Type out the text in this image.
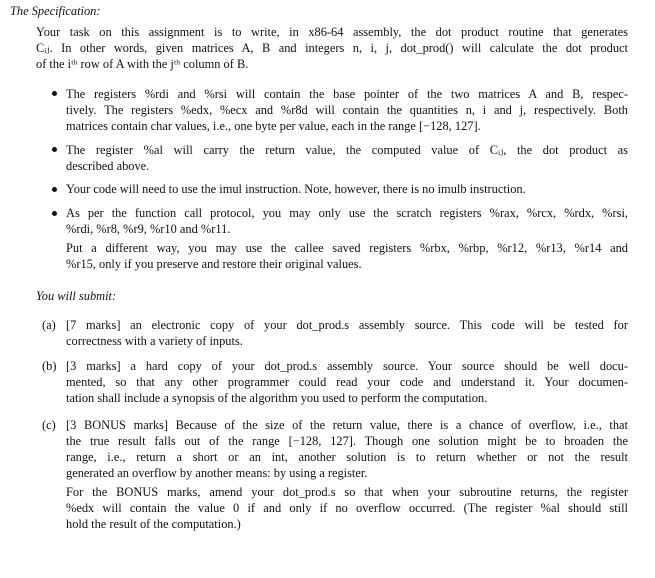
The Specification:
Your task on this assignment is to write, in x86-64 assembly, the dot product routine that generates
Cᵢⱼ. In other words, given matrices A, B and integers n, i, j, dot_prod() will calculate the dot product
of the iᵗʰ row of A with the jᵗʰ column of B.
The registers %rdi and %rsi will contain the base pointer of the two matrices A and B, respec-
tively. The registers %edx, %ecx and %r8d will contain the quantities n, i and j, respectively. Both
matrices contain char values, i.e., one byte per value, each in the range [−128, 127].
The register %al will carry the return value, the computed value of Cᵢⱼ, the dot product as
described above.
Your code will need to use the imul instruction. Note, however, there is no imulb instruction.
As per the function call protocol, you may only use the scratch registers %rax, %rcx, %rdx, %rsi,
%rdi, %r8, %r9, %r10 and %r11.
Put a different way, you may use the callee saved registers %rbx, %rbp, %r12, %r13, %r14 and
%r15, only if you preserve and restore their original values.
You will submit:
(a) [7 marks] an electronic copy of your dot_prod.s assembly source. This code will be tested for
correctness with a variety of inputs.
(b) [3 marks] a hard copy of your dot_prod.s assembly source. Your source should be well docu-
mented, so that any other programmer could read your code and understand it. Your documen-
tation shall include a synopsis of the algorithm you used to perform the computation.
(c) [3 BONUS marks] Because of the size of the return value, there is a chance of overflow, i.e., that
the true result falls out of the range [−128, 127]. Though one solution might be to broaden the
range, i.e., return a short or an int, another solution is to return whether or not the result
generated an overflow by another means: by using a register.
For the BONUS marks, amend your dot_prod.s so that when your subroutine returns, the register
%edx will contain the value 0 if and only if no overflow occurred. (The register %al should still
hold the result of the computation.)
